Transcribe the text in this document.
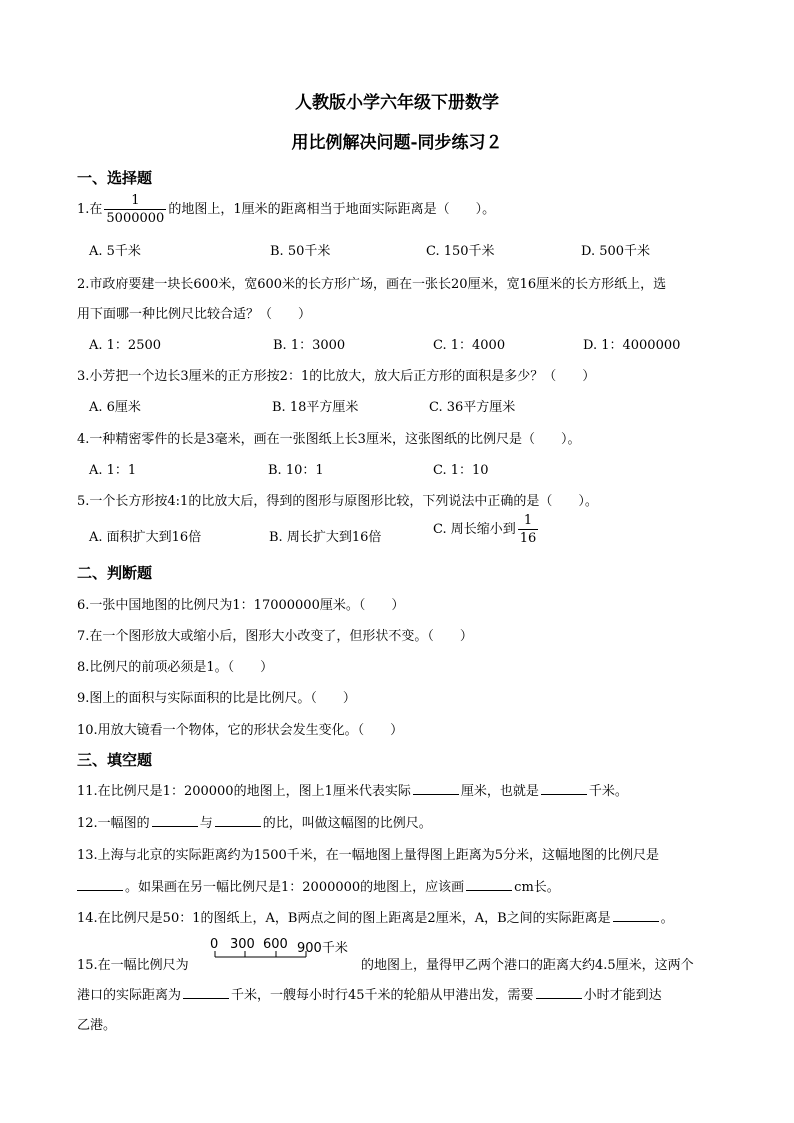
人教版小学六年级下册数学
用比例解决问题-同步练习２
一、选择题
1.在 $\frac{1}{5000000}$ 的地图上，1厘米的距离相当于地面实际距离是（　　）。
A. 5千米	B. 50千米	C. 150千米	D. 500千米
2.市政府要建一块长600米，宽600米的长方形广场，画在一张长20厘米，宽16厘米的长方形纸上，选
用下面哪一种比例尺比较合适？（　　）
A. 1：2500	B. 1：3000	C. 1：4000	D. 1：4000000
3.小芳把一个边长3厘米的正方形按2：1的比放大，放大后正方形的面积是多少？（　　）
A. 6厘米	B. 18平方厘米	C. 36平方厘米
4.一种精密零件的长是3毫米，画在一张图纸上长3厘米，这张图纸的比例尺是（　　）。
A. 1：1	B. 10：1	C. 1：10
5.一个长方形按4:1的比放大后，得到的图形与原图形比较，下列说法中正确的是（　　）。
A. 面积扩大到16倍	B. 周长扩大到16倍
C. 周长缩小到 $\frac{1}{16}$
二、判断题
6.一张中国地图的比例尺为1：17000000厘米。（　　）
7.在一个图形放大或缩小后，图形大小改变了，但形状不变。（　　）
8.比例尺的前项必须是1。（　　）
9.图上的面积与实际面积的比是比例尺。（　　）
10.用放大镜看一个物体，它的形状会发生变化。（　　）
三、填空题
11.在比例尺是1：200000的地图上，图上1厘米代表实际	厘米，也就是	千米。
12.一幅图的	与	的比，叫做这幅图的比例尺。
13.上海与北京的实际距离约为1500千米，在一幅地图上量得图上距离为5分米，这幅地图的比例尺是
。如果画在另一幅比例尺是1：2000000的地图上，应该画	cm长。
14.在比例尺是50：1的图纸上，A，B两点之间的图上距离是2厘米，A，B之间的实际距离是	。
15.在一幅比例尺为
0 300 600 900千米
的地图上，量得甲乙两个港口的距离大约4.5厘米，这两个
港口的实际距离为	千米，一艘每小时行45千米的轮船从甲港出发，需要	小时才能到达
乙港。
